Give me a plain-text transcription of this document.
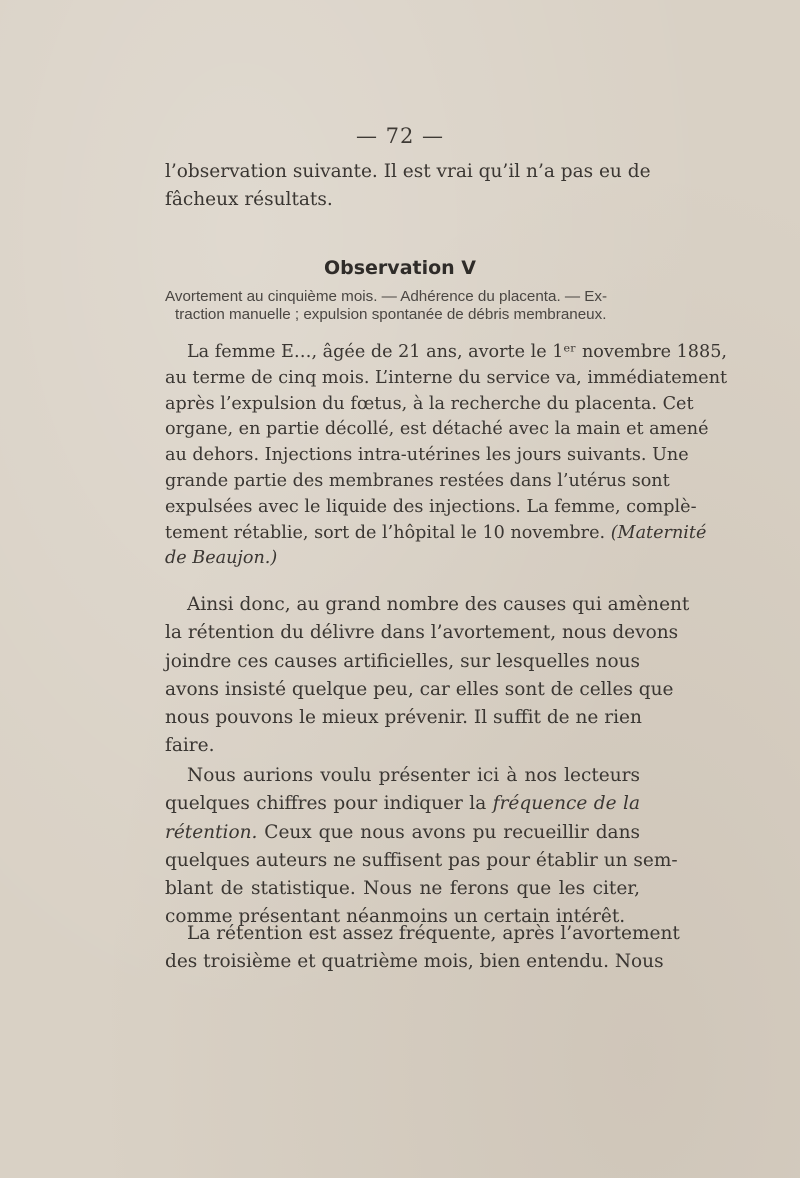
— 72 —

l’observation suivante. Il est vrai qu’il n’a pas eu de
fâcheux résultats.

Observation V
Avortement au cinquième mois. — Adhérence du placenta. — Ex-
traction manuelle ; expulsion spontanée de débris membraneux.

La femme E…, âgée de 21 ans, avorte le 1ᵉʳ novembre 1885,
au terme de cinq mois. L’interne du service va, immédiatement
après l’expulsion du fœtus, à la recherche du placenta. Cet
organe, en partie décollé, est détaché avec la main et amené
au dehors. Injections intra-utérines les jours suivants. Une
grande partie des membranes restées dans l’utérus sont
expulsées avec le liquide des injections. La femme, complè-
tement rétablie, sort de l’hôpital le 10 novembre. (Maternité
de Beaujon.)

Ainsi donc, au grand nombre des causes qui amènent
la rétention du délivre dans l’avortement, nous devons
joindre ces causes artificielles, sur lesquelles nous
avons insisté quelque peu, car elles sont de celles que
nous pouvons le mieux prévenir. Il suffit de ne rien
faire.

Nous aurions voulu présenter ici à nos lecteurs
quelques chiffres pour indiquer la fréquence de la
rétention. Ceux que nous avons pu recueillir dans
quelques auteurs ne suffisent pas pour établir un sem-
blant de statistique. Nous ne ferons que les citer,
comme présentant néanmoins un certain intérêt.

La rétention est assez fréquente, après l’avortement
des troisième et quatrième mois, bien entendu. Nous
